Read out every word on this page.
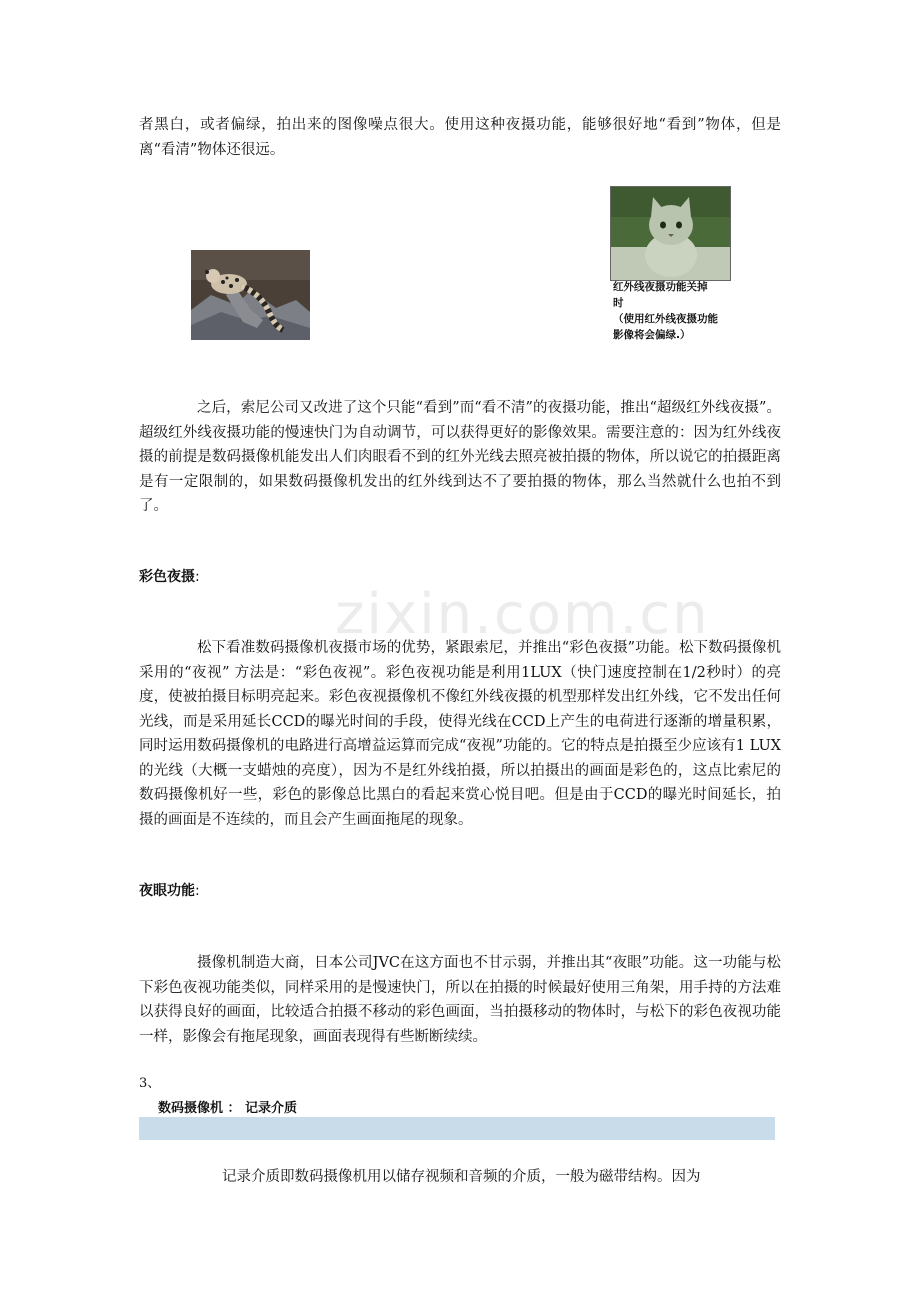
者黑白，或者偏绿，拍出来的图像噪点很大。使用这种夜摄功能，能够很好地“看到”物体，但是离“看清”物体还很远。

红外线夜摄功能关掉
时
（使用红外线夜摄功能
影像将会偏绿.）

之后，索尼公司又改进了这个只能“看到”而“看不清”的夜摄功能，推出“超级红外线夜摄”。超级红外线夜摄功能的慢速快门为自动调节，可以获得更好的影像效果。需要注意的：因为红外线夜摄的前提是数码摄像机能发出人们肉眼看不到的红外光线去照亮被拍摄的物体，所以说它的拍摄距离是有一定限制的，如果数码摄像机发出的红外线到达不了要拍摄的物体，那么当然就什么也拍不到了。

彩色夜摄:
zixin.com.cn

松下看准数码摄像机夜摄市场的优势，紧跟索尼，并推出“彩色夜摄”功能。松下数码摄像机采用的“夜视” 方法是：“彩色夜视”。彩色夜视功能是利用1LUX（快门速度控制在1/2秒时）的亮度，使被拍摄目标明亮起来。彩色夜视摄像机不像红外线夜摄的机型那样发出红外线，它不发出任何光线，而是采用延长CCD的曝光时间的手段，使得光线在CCD上产生的电荷进行逐渐的增量积累，同时运用数码摄像机的电路进行高增益运算而完成“夜视”功能的。它的特点是拍摄至少应该有1 LUX的光线（大概一支蜡烛的亮度），因为不是红外线拍摄，所以拍摄出的画面是彩色的，这点比索尼的数码摄像机好一些，彩色的影像总比黑白的看起来赏心悦目吧。但是由于CCD的曝光时间延长，拍摄的画面是不连续的，而且会产生画面拖尾的现象。

夜眼功能:

摄像机制造大商，日本公司JVC在这方面也不甘示弱，并推出其“夜眼”功能。这一功能与松下彩色夜视功能类似，同样采用的是慢速快门，所以在拍摄的时候最好使用三角架，用手持的方法难以获得良好的画面，比较适合拍摄不移动的彩色画面，当拍摄移动的物体时，与松下的彩色夜视功能一样，影像会有拖尾现象，画面表现得有些断断续续。

3、
数码摄像机 ： 记录介质

记录介质即数码摄像机用以储存视频和音频的介质，一般为磁带结构。因为
